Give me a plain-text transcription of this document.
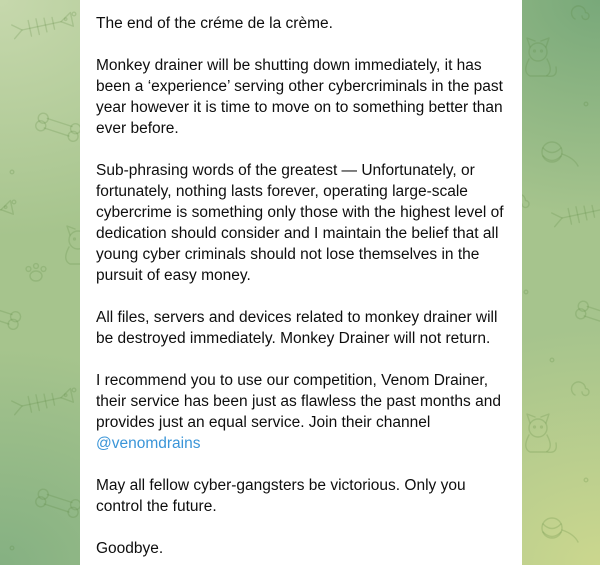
The end of the créme de la crème.

Monkey drainer will be shutting down immediately, it has been a ‘experience’ serving other cybercriminals in the past year however it is time to move on to something better than ever before.

Sub-phrasing words of the greatest — Unfortunately, or fortunately, nothing lasts forever, operating large-scale cybercrime is something only those with the highest level of dedication should consider and I maintain the belief that all young cyber criminals should not lose themselves in the pursuit of easy money.

All files, servers and devices related to monkey drainer will be destroyed immediately. Monkey Drainer will not return.

I recommend you to use our competition, Venom Drainer, their service has been just as flawless the past months and provides just an equal service. Join their channel @venomdrains

May all fellow cyber-gangsters be victorious. Only you control the future.

Goodbye.
